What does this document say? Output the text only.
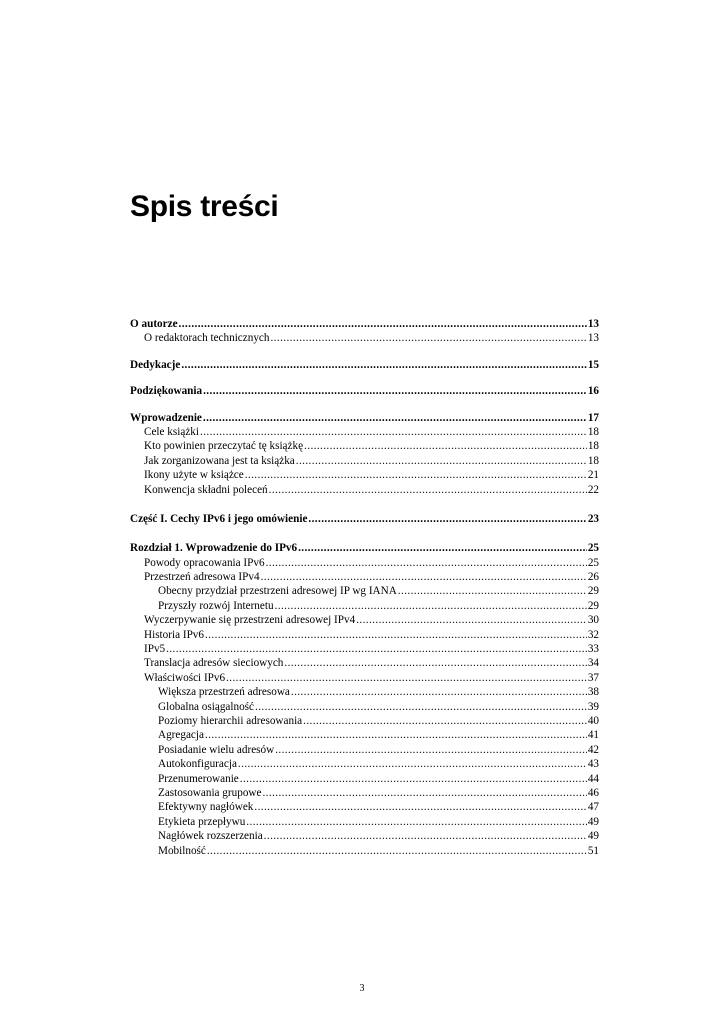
Spis treści
O autorze .....	13
O redaktorach technicznych .....	13
Dedykacje .....	15
Podziękowania .....	16
Wprowadzenie .....	17
Cele książki .....	18
Kto powinien przeczytać tę książkę .....	18
Jak zorganizowana jest ta książka .....	18
Ikony użyte w książce .....	21
Konwencja składni poleceń .....	22
Część I. Cechy IPv6 i jego omówienie .....	23
Rozdział 1. Wprowadzenie do IPv6 .....	25
Powody opracowania IPv6 .....	25
Przestrzeń adresowa IPv4 .....	26
Obecny przydział przestrzeni adresowej IP wg IANA .....	29
Przyszły rozwój Internetu .....	29
Wyczerpywanie się przestrzeni adresowej IPv4 .....	30
Historia IPv6 .....	32
IPv5 .....	33
Translacja adresów sieciowych .....	34
Właściwości IPv6 .....	37
Większa przestrzeń adresowa .....	38
Globalna osiągalność .....	39
Poziomy hierarchii adresowania .....	40
Agregacja .....	41
Posiadanie wielu adresów .....	42
Autokonfiguracja .....	43
Przenumerowanie .....	44
Zastosowania grupowe .....	46
Efektywny nagłówek .....	47
Etykieta przepływu .....	49
Nagłówek rozszerzenia .....	49
Mobilność .....	51
3
